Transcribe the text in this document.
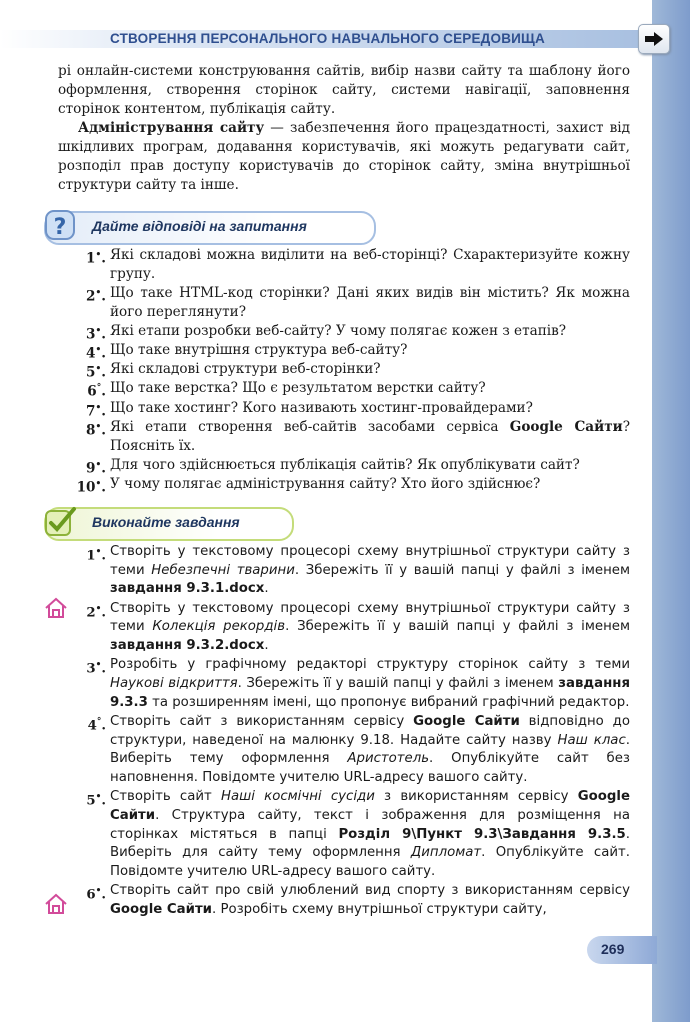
СТВОРЕННЯ ПЕРСОНАЛЬНОГО НАВЧАЛЬНОГО СЕРЕДОВИЩА

рі онлайн-системи конструювання сайтів, вибір назви сайту та шаблону його оформлення, створення сторінок сайту, системи навігації, заповнення сторінок контентом, публікація сайту.

Адміністрування сайту — забезпечення його працездатності, захист від шкідливих програм, додавання користувачів, які можуть редагувати сайт, розподіл прав доступу користувачів до сторінок сайту, зміна внутрішньої структури сайту та інше.

? Дайте відповіді на запитання
1•. Які складові можна виділити на веб-сторінці? Схарактеризуйте кожну групу.
2•. Що таке HTML-код сторінки? Дані яких видів він містить? Як можна його переглянути?
3•. Які етапи розробки веб-сайту? У чому полягає кожен з етапів?
4•. Що таке внутрішня структура веб-сайту?
5•. Які складові структури веб-сторінки?
6°. Що таке верстка? Що є результатом верстки сайту?
7•. Що таке хостинг? Кого називають хостинг-провайдерами?
8•. Які етапи створення веб-сайтів засобами сервіса Google Сайти? Поясніть їх.
9•. Для чого здійснюється публікація сайтів? Як опублікувати сайт?
10•. У чому полягає адміністрування сайту? Хто його здійснює?
Виконайте завдання
1•. Створіть у текстовому процесорі схему внутрішньої структури сайту з теми Небезпечні тварини. Збережіть її у вашій папці у файлі з іменем завдання 9.3.1.docx.
2•. Створіть у текстовому процесорі схему внутрішньої структури сайту з теми Колекція рекордів. Збережіть її у вашій папці у файлі з іменем завдання 9.3.2.docx.
3•. Розробіть у графічному редакторі структуру сторінок сайту з теми Наукові відкриття. Збережіть її у вашій папці у файлі з іменем завдання 9.3.3 та розширенням імені, що пропонує вибраний графічний редактор.
4°. Створіть сайт з використанням сервісу Google Сайти відповідно до структури, наведеної на малюнку 9.18. Надайте сайту назву Наш клас. Виберіть тему оформлення Аристотель. Опублікуйте сайт без наповнення. Повідомте учителю URL-адресу вашого сайту.
5•. Створіть сайт Наші космічні сусіди з використанням сервісу Google Сайти. Структура сайту, текст і зображення для розміщення на сторінках містяться в папці Розділ 9\Пункт 9.3\Завдання 9.3.5. Виберіть для сайту тему оформлення Дипломат. Опублікуйте сайт. Повідомте учителю URL-адресу вашого сайту.
6•. Створіть сайт про свій улюблений вид спорту з використанням сервісу Google Сайти. Розробіть схему внутрішньої структури сайту,
269
